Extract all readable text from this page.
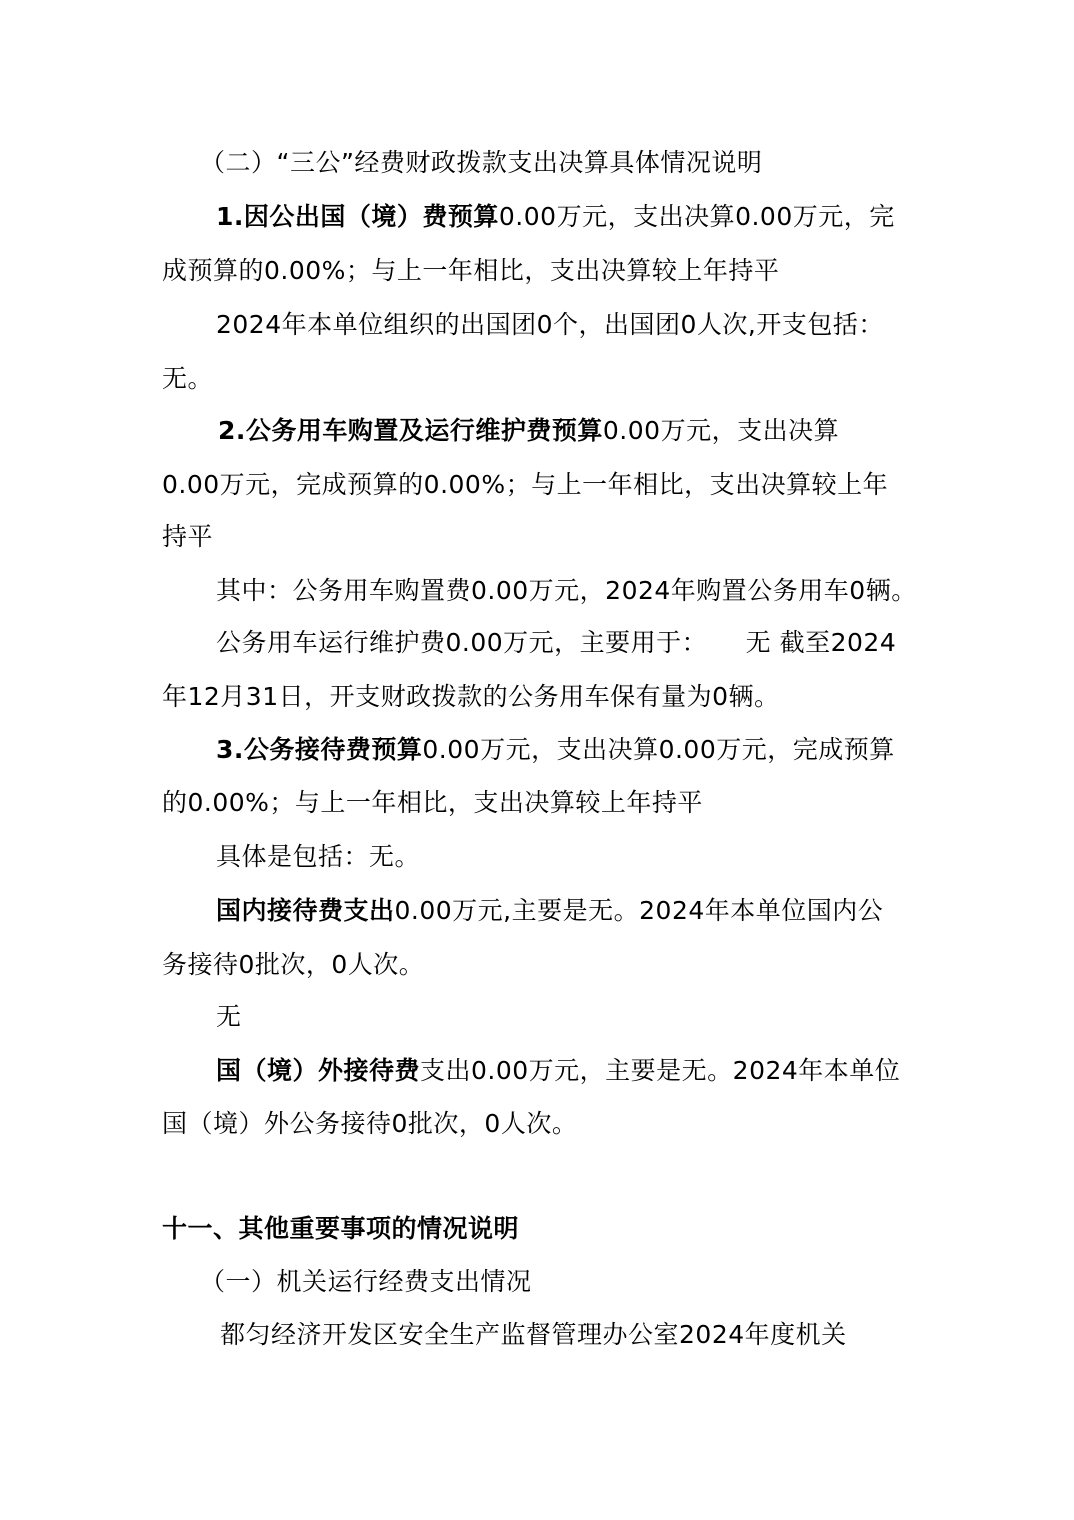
（二）“三公”经费财政拨款支出决算具体情况说明
1.因公出国（境）费预算0.00万元，支出决算0.00万元，完
成预算的0.00%；与上一年相比，支出决算较上年持平
2024年本单位组织的出国团0个，出国团0人次,开支包括：
无。
2.公务用车购置及运行维护费预算0.00万元，支出决算
0.00万元，完成预算的0.00%；与上一年相比，支出决算较上年
持平
其中：公务用车购置费0.00万元，2024年购置公务用车0辆。
公务用车运行维护费0.00万元，主要用于：　　无 截至2024
年12月31日，开支财政拨款的公务用车保有量为0辆。
3.公务接待费预算0.00万元，支出决算0.00万元，完成预算
的0.00%；与上一年相比，支出决算较上年持平
具体是包括：无。
国内接待费支出0.00万元,主要是无。2024年本单位国内公
务接待0批次，0人次。
无
国（境）外接待费支出0.00万元，主要是无。2024年本单位
国（境）外公务接待0批次，0人次。
十一、其他重要事项的情况说明
（一）机关运行经费支出情况
都匀经济开发区安全生产监督管理办公室2024年度机关
